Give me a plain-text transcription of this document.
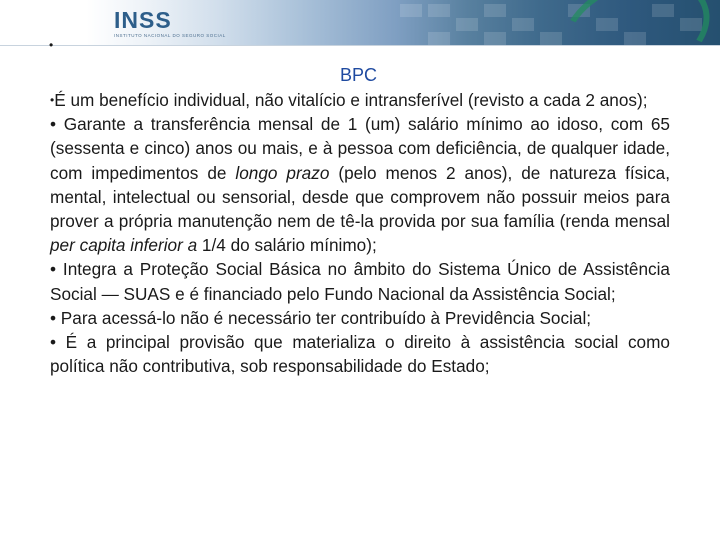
INSS
INSTITUTO NACIONAL DO SEGURO SOCIAL
•
BPC

•É um benefício individual, não vitalício e intransferível (revisto a cada 2 anos);

• Garante a transferência mensal de 1 (um) salário mínimo ao idoso, com 65 (sessenta e cinco) anos ou mais, e à pessoa com deficiência, de qualquer idade, com impedimentos de longo prazo (pelo menos 2 anos), de natureza física, mental, intelectual ou sensorial, desde que comprovem não possuir meios para prover a própria manutenção nem de tê-la provida por sua família (renda mensal per capita inferior a 1/4 do salário mínimo);

• Integra a Proteção Social Básica no âmbito do Sistema Único de Assistência Social — SUAS e é financiado pelo Fundo Nacional da Assistência Social;

• Para acessá-lo não é necessário ter contribuído à Previdência Social;

• É a principal provisão que materializa o direito à assistência social como política não contributiva, sob responsabilidade do Estado;
